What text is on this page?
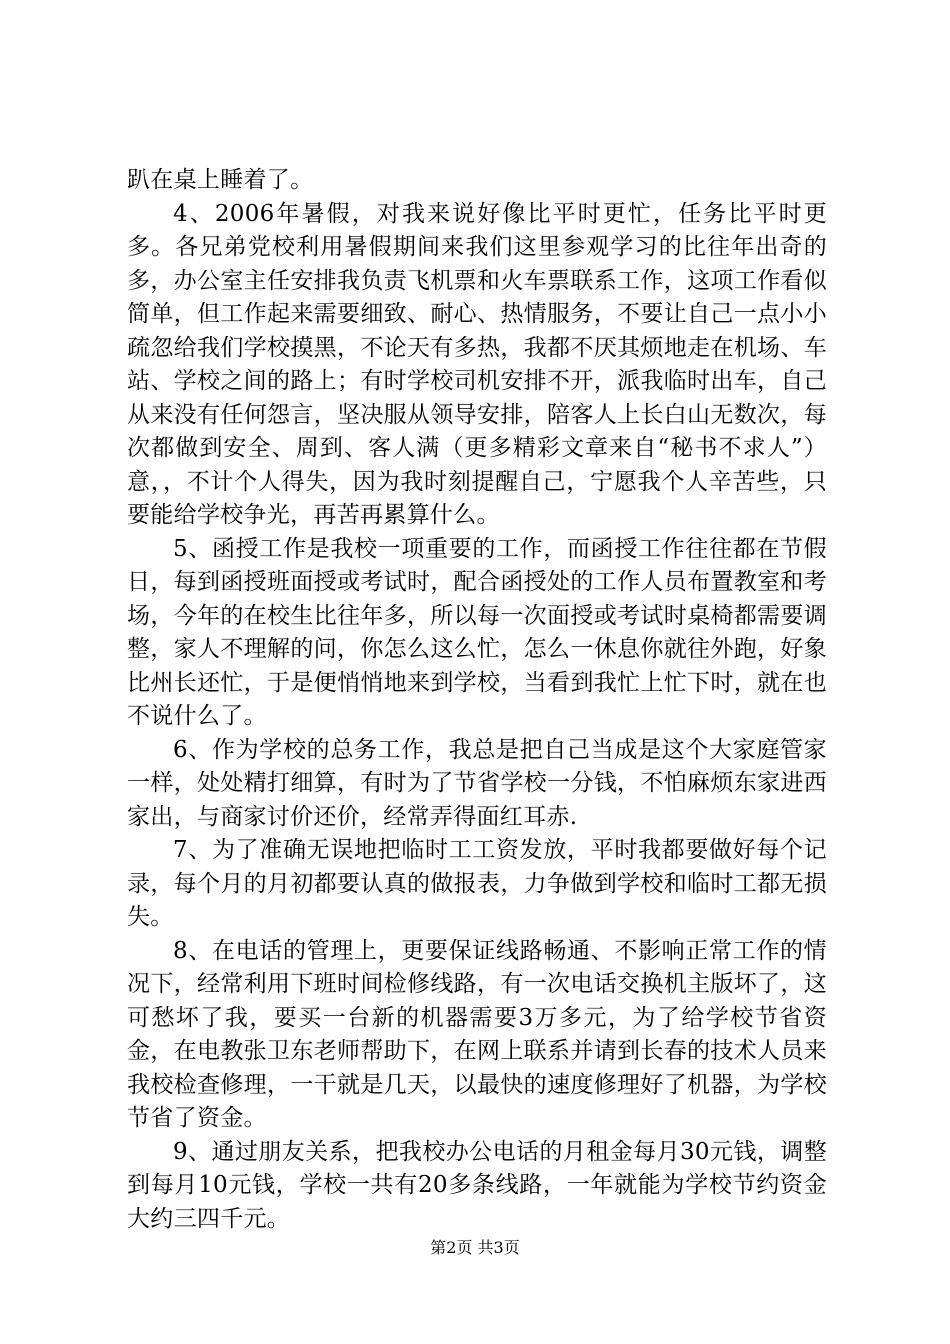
趴在桌上睡着了。

4、2006年暑假，对我来说好像比平时更忙，任务比平时更多。各兄弟党校利用暑假期间来我们这里参观学习的比往年出奇的多，办公室主任安排我负责飞机票和火车票联系工作，这项工作看似简单，但工作起来需要细致、耐心、热情服务，不要让自己一点小小疏忽给我们学校摸黑，不论天有多热，我都不厌其烦地走在机场、车站、学校之间的路上；有时学校司机安排不开，派我临时出车，自己从来没有任何怨言，坚决服从领导安排，陪客人上长白山无数次，每次都做到安全、周到、客人满（更多精彩文章来自“秘书不求人”）意，，不计个人得失，因为我时刻提醒自己，宁愿我个人辛苦些，只要能给学校争光，再苦再累算什么。

5、函授工作是我校一项重要的工作，而函授工作往往都在节假日，每到函授班面授或考试时，配合函授处的工作人员布置教室和考场，今年的在校生比往年多，所以每一次面授或考试时桌椅都需要调整，家人不理解的问，你怎么这么忙，怎么一休息你就往外跑，好象比州长还忙，于是便悄悄地来到学校，当看到我忙上忙下时，就在也不说什么了。

6、作为学校的总务工作，我总是把自己当成是这个大家庭管家一样，处处精打细算，有时为了节省学校一分钱，不怕麻烦东家进西家出，与商家讨价还价，经常弄得面红耳赤.

7、为了准确无误地把临时工工资发放，平时我都要做好每个记录，每个月的月初都要认真的做报表，力争做到学校和临时工都无损失。

8、在电话的管理上，更要保证线路畅通、不影响正常工作的情况下，经常利用下班时间检修线路，有一次电话交换机主版坏了，这可愁坏了我，要买一台新的机器需要3万多元，为了给学校节省资金，在电教张卫东老师帮助下，在网上联系并请到长春的技术人员来我校检查修理，一干就是几天，以最快的速度修理好了机器，为学校节省了资金。

9、通过朋友关系，把我校办公电话的月租金每月30元钱，调整到每月10元钱，学校一共有20多条线路，一年就能为学校节约资金大约三四千元。

第2页 共3页
